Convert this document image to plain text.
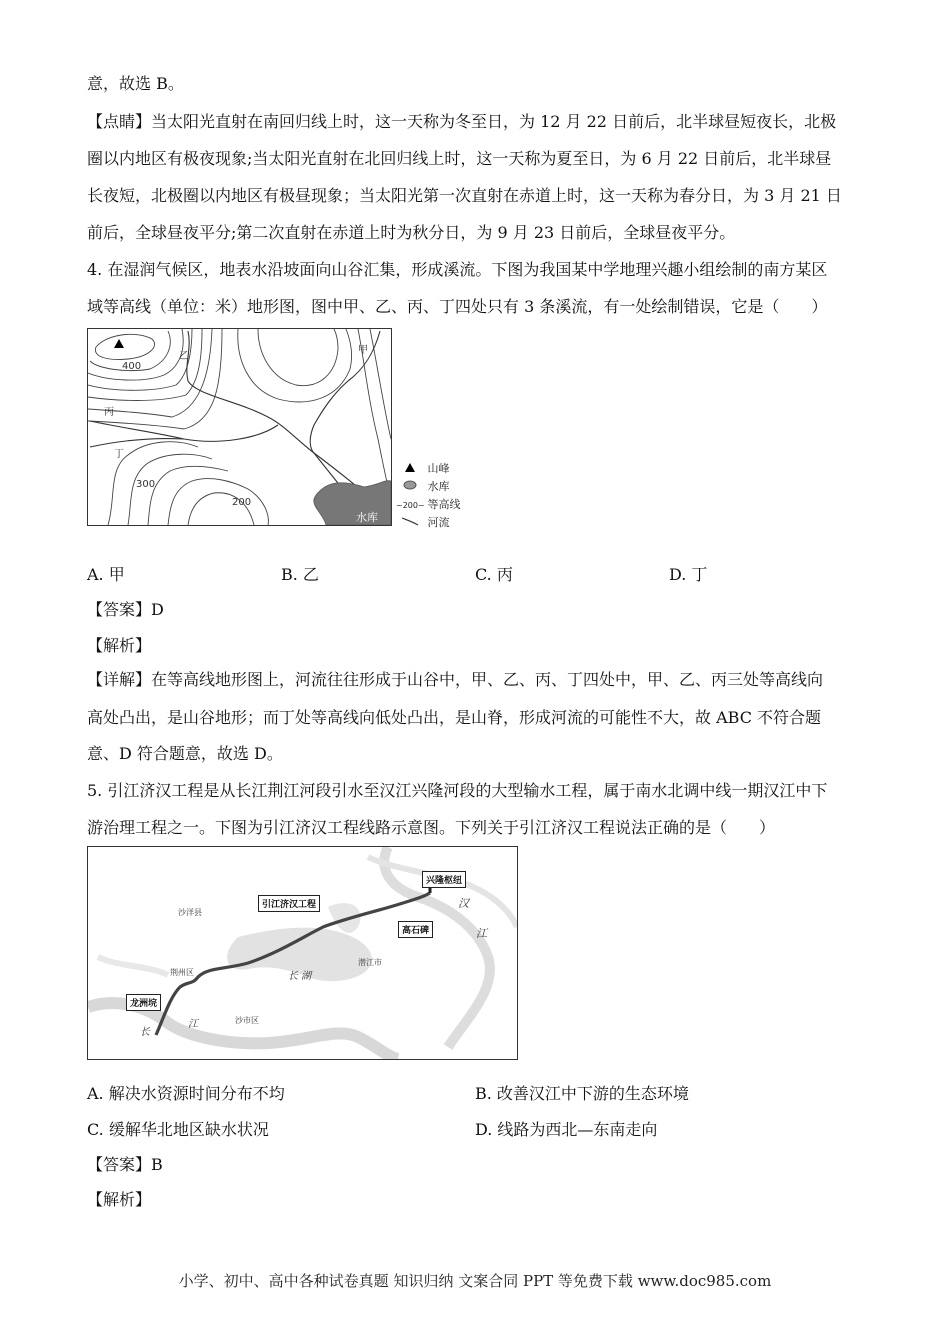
意，故选 B。
【点睛】当太阳光直射在南回归线上时，这一天称为冬至日，为 12 月 22 日前后，北半球昼短夜长，北极
圈以内地区有极夜现象;当太阳光直射在北回归线上时，这一天称为夏至日，为 6 月 22 日前后，北半球昼
长夜短，北极圈以内地区有极昼现象；当太阳光第一次直射在赤道上时，这一天称为春分日，为 3 月 21 日
前后，全球昼夜平分;第二次直射在赤道上时为秋分日，为 9 月 23 日前后，全球昼夜平分。
4. 在湿润气候区，地表水沿坡面向山谷汇集，形成溪流。下图为我国某中学地理兴趣小组绘制的南方某区
域等高线（单位：米）地形图，图中甲、乙、丙、丁四处只有 3 条溪流，有一处绘制错误，它是（　　）
400
300
200
甲
乙
丙
丁
水库
山峰
水库
~200~ 等高线
河流
A. 甲	B. 乙	C. 丙	D. 丁
【答案】D
【解析】
【详解】在等高线地形图上，河流往往形成于山谷中，甲、乙、丙、丁四处中，甲、乙、丙三处等高线向
高处凸出，是山谷地形；而丁处等高线向低处凸出，是山脊，形成河流的可能性不大，故 ABC 不符合题
意、D 符合题意，故选 D。
5. 引江济汉工程是从长江荆江河段引水至汉江兴隆河段的大型输水工程，属于南水北调中线一期汉江中下
游治理工程之一。下图为引江济汉工程线路示意图。下列关于引江济汉工程说法正确的是（　　）
兴隆枢纽
引江济汉工程
高石碑
龙洲垸
沙洋县
荆州区
潜江市
沙市区
长 湖
长
江
汉
江
A. 解决水资源时间分布不均	B. 改善汉江中下游的生态环境
C. 缓解华北地区缺水状况	D. 线路为西北—东南走向
【答案】B
【解析】
小学、初中、高中各种试卷真题 知识归纳 文案合同 PPT 等免费下载 www.doc985.com
